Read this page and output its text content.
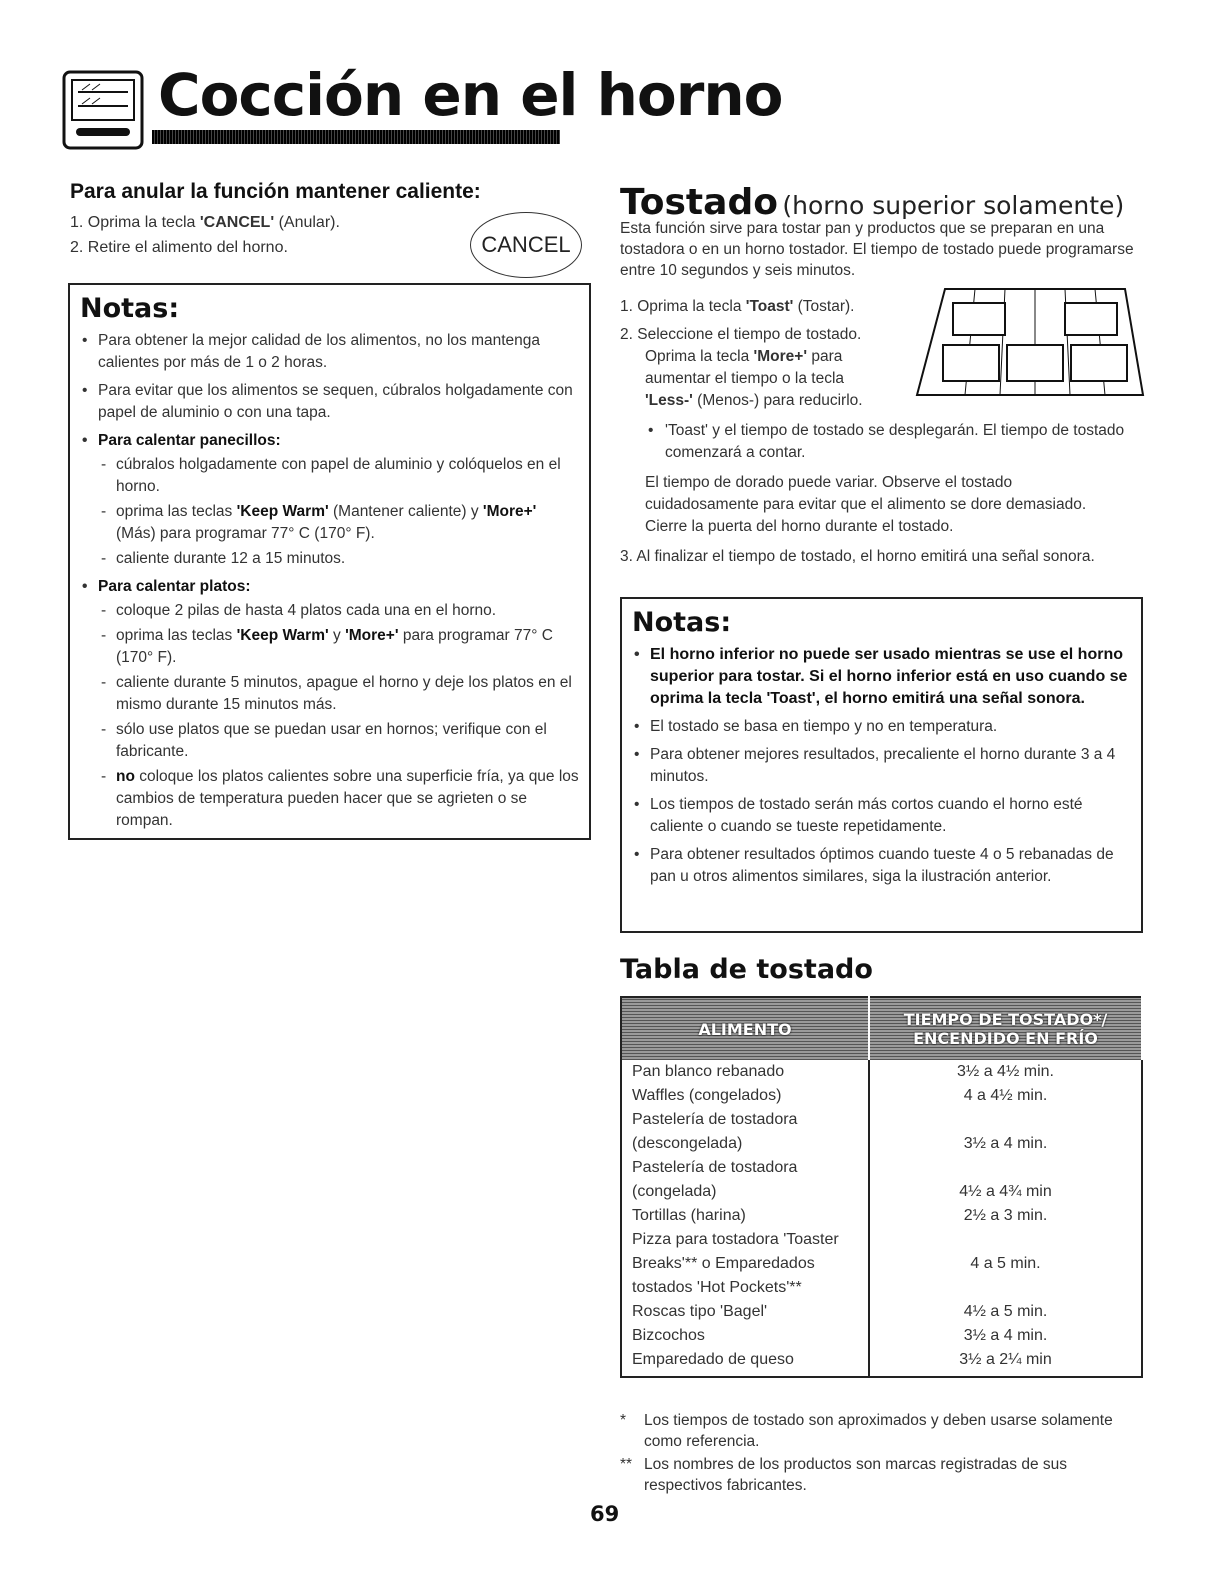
Cocción en el horno
Para anular la función mantener caliente:

1. Oprima la tecla 'CANCEL' (Anular).

2. Retire el alimento del horno.	CANCEL
Notas:
• Para obtener la mejor calidad de los alimentos, no los mantenga calientes por más de 1 o 2 horas.
• Para evitar que los alimentos se sequen, cúbralos holgadamente con papel de aluminio o con una tapa.
• Para calentar panecillos:
- cúbralos holgadamente con papel de aluminio y colóquelos en el horno.
- oprima las teclas 'Keep Warm' (Mantener caliente) y 'More+' (Más) para programar 77° C (170° F).
- caliente durante 12 a 15 minutos.
• Para calentar platos:
- coloque 2 pilas de hasta 4 platos cada una en el horno.
- oprima las teclas 'Keep Warm' y 'More+' para programar 77° C (170° F).
- caliente durante 5 minutos, apague el horno y deje los platos en el mismo durante 15 minutos más.
- sólo use platos que se puedan usar en hornos; verifique con el fabricante.
- no coloque los platos calientes sobre una superficie fría, ya que los cambios de temperatura pueden hacer que se agrieten o se rompan.
Tostado (horno superior solamente)

Esta función sirve para tostar pan y productos que se preparan en una tostadora o en un horno tostador. El tiempo de tostado puede programarse entre 10 segundos y seis minutos.

1. Oprima la tecla 'Toast' (Tostar).

2. Seleccione el tiempo de tostado.

Oprima la tecla 'More+' para

aumentar el tiempo o la tecla

'Less-' (Menos-) para reducirlo.

• 'Toast' y el tiempo de tostado se desplegarán. El tiempo de tostado comenzará a contar.

El tiempo de dorado puede variar. Observe el tostado cuidadosamente para evitar que el alimento se dore demasiado. Cierre la puerta del horno durante el tostado.

3. Al finalizar el tiempo de tostado, el horno emitirá una señal sonora.

Notas:
• El horno inferior no puede ser usado mientras se use el horno superior para tostar. Si el horno inferior está en uso cuando se oprima la tecla 'Toast', el horno emitirá una señal sonora.
• El tostado se basa en tiempo y no en temperatura.
• Para obtener mejores resultados, precaliente el horno durante 3 a 4 minutos.
• Los tiempos de tostado serán más cortos cuando el horno esté caliente o cuando se tueste repetidamente.
• Para obtener resultados óptimos cuando tueste 4 o 5 rebanadas de pan u otros alimentos similares, siga la ilustración anterior.
Tabla de tostado
ALIMENTO	TIEMPO DE TOSTADO*/
ENCENDIDO EN FRÍO
Pan blanco rebanado	3½ a 4½ min.
Waffles (congelados)	4 a 4½ min.
Pastelería de tostadora (descongelada)	3½ a 4 min.
Pastelería de tostadora (congelada)	4½ a 4¾ min
Tortillas (harina)	2½ a 3 min.
Pizza para tostadora 'Toaster Breaks'** o Emparedados tostados 'Hot Pockets'**	4 a 5 min.
Roscas tipo 'Bagel'	4½ a 5 min.
Bizcochos	3½ a 4 min.
Emparedado de queso	3½ a 2¼ min

* Los tiempos de tostado son aproximados y deben usarse solamente como referencia.

** Los nombres de los productos son marcas registradas de sus respectivos fabricantes.

69
